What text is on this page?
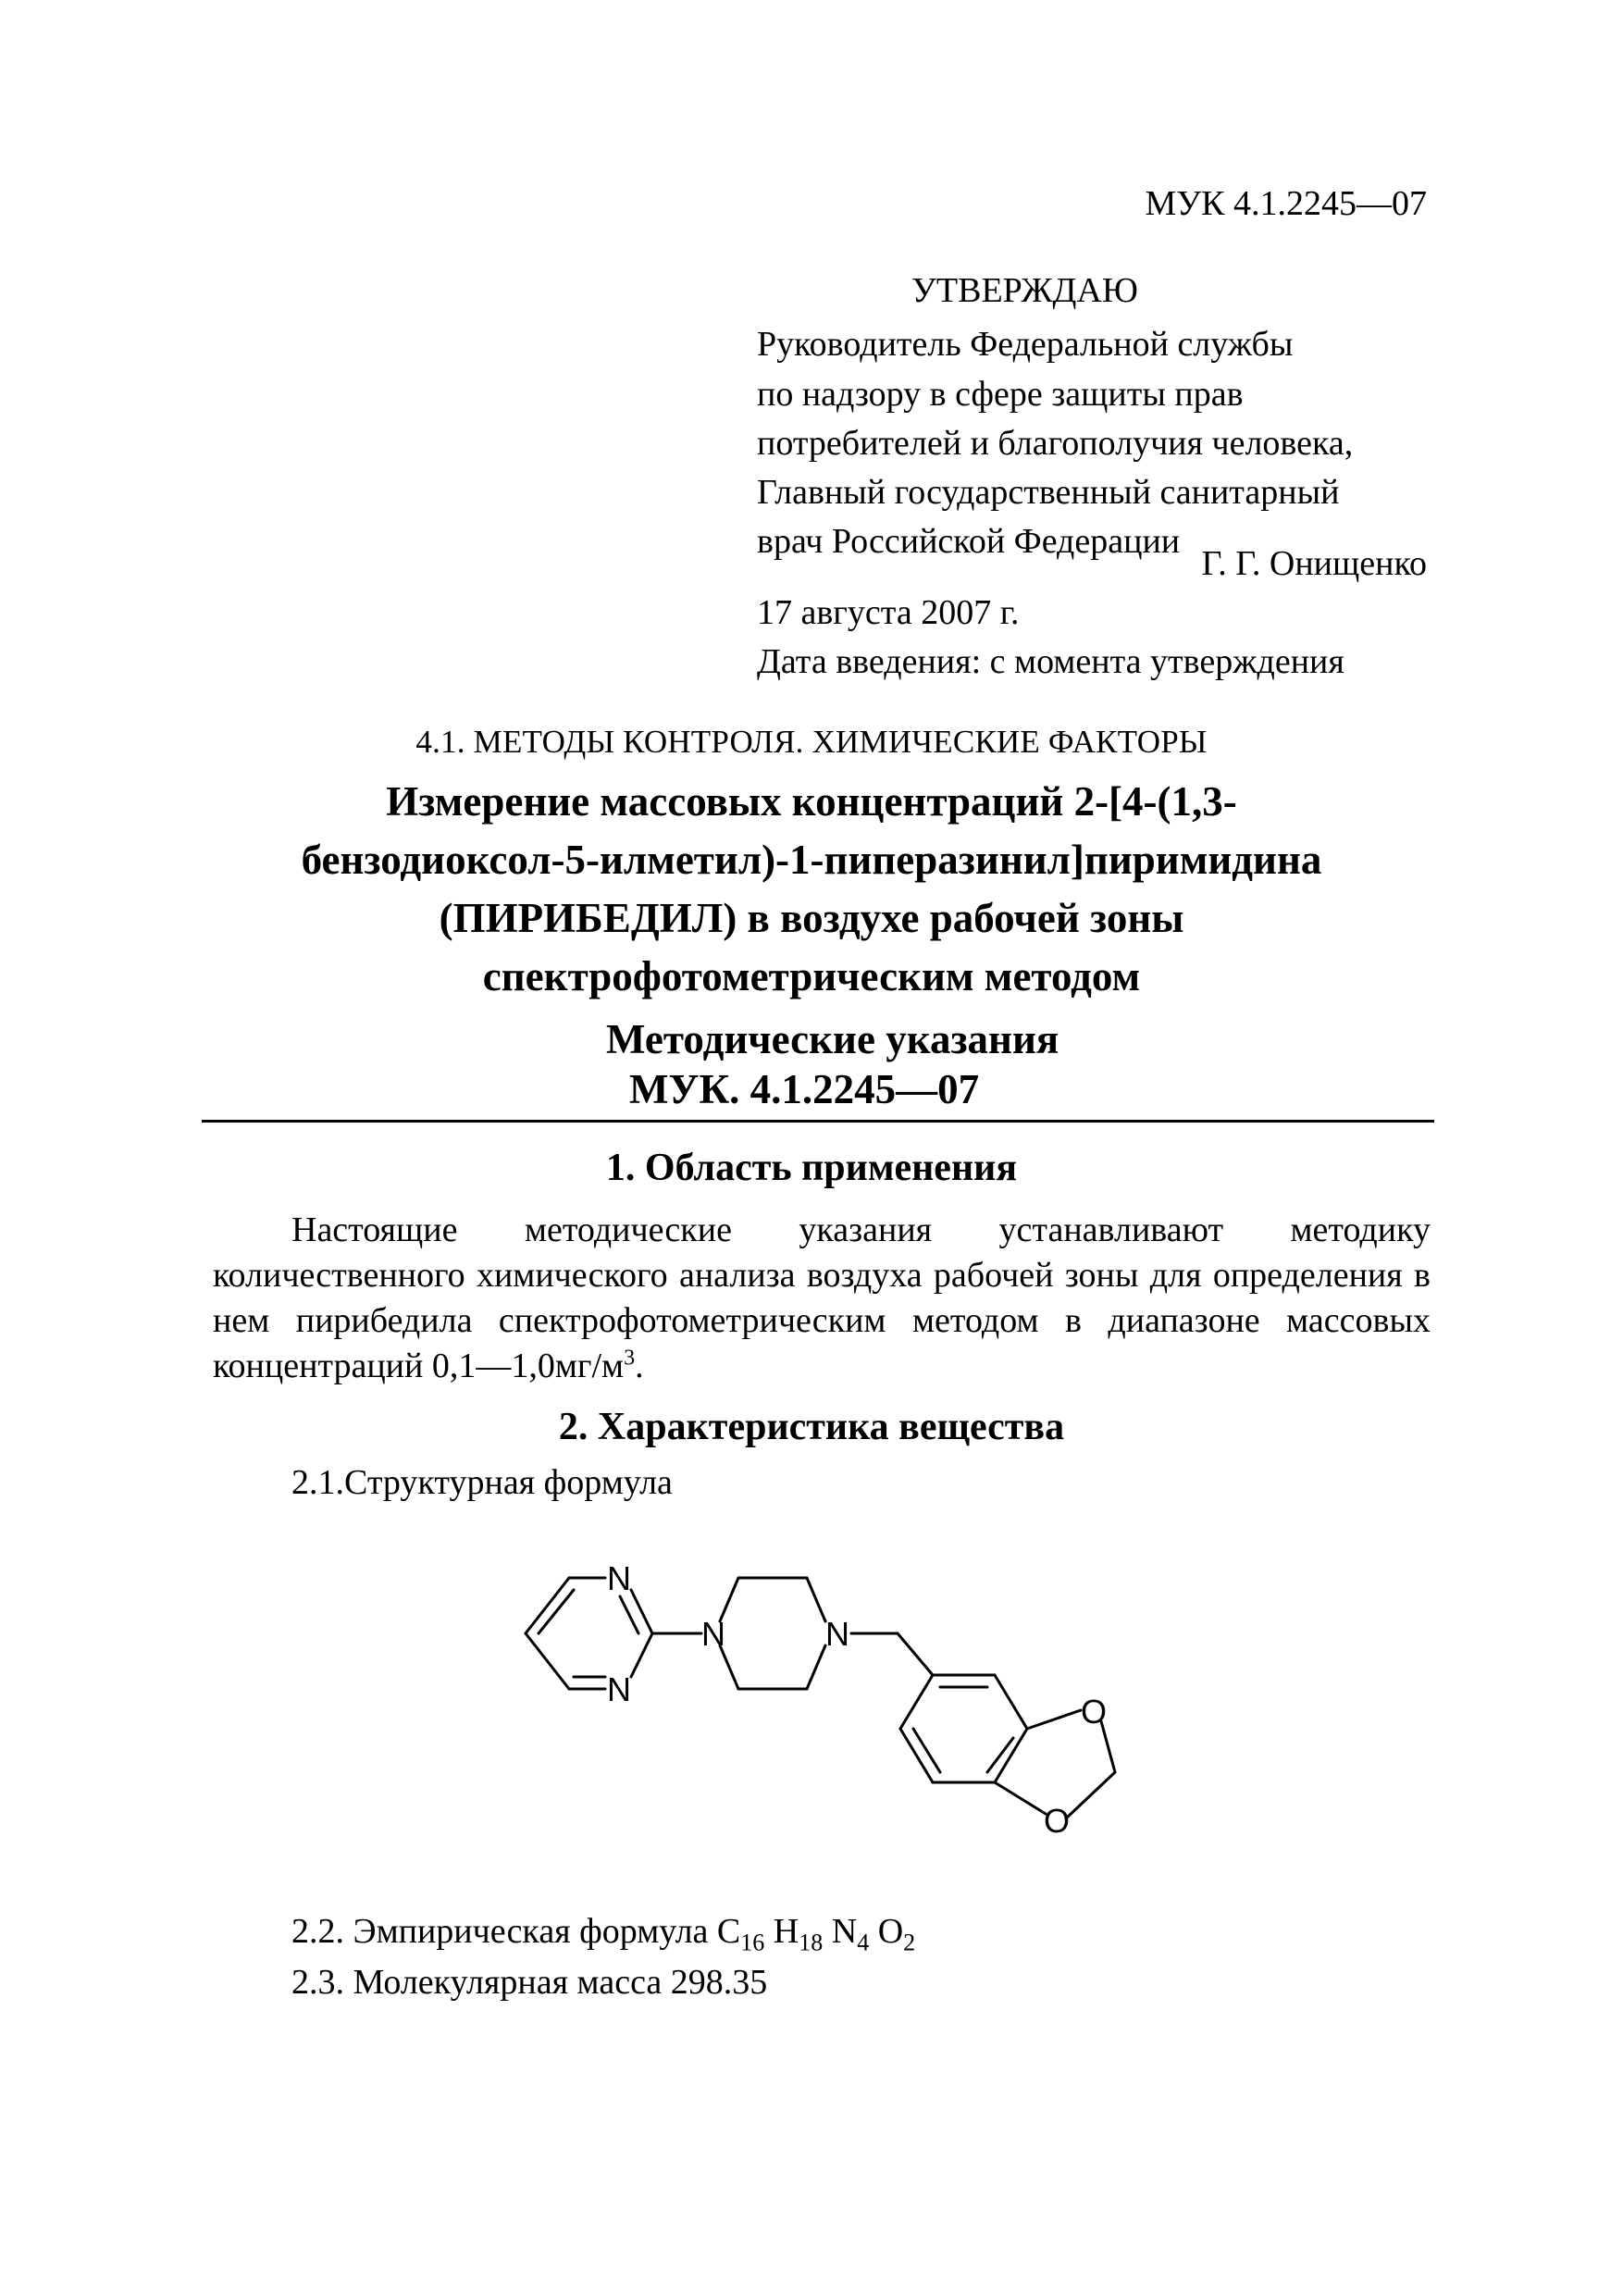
МУК 4.1.2245—07
УТВЕРЖДАЮ
Руководитель Федеральной службы
по надзору в сфере защиты прав
потребителей и благополучия человека,
Главный государственный санитарный
врач Российской Федерации
Г. Г. Онищенко
17 августа 2007 г.
Дата введения: с момента утверждения
4.1. МЕТОДЫ КОНТРОЛЯ. ХИМИЧЕСКИЕ ФАКТОРЫ
Измерение массовых концентраций 2-[4-(1,3-
бензодиоксол-5-илметил)-1-пиперазинил]пиримидина
(ПИРИБЕДИЛ) в воздухе рабочей зоны
спектрофотометрическим методом
Методические указания
МУК. 4.1.2245—07
1. Область применения
Настоящие методические указания устанавливают методику количественного химического анализа воздуха рабочей зоны для определения в нем пирибедила спектрофотометрическим методом в диапазоне массовых концентраций $0,1—1,0мг/м^3$.
2. Характеристика вещества
2.1.Структурная формула
N
N
N	N
O
O
2.2. Эмпирическая формула $C_{16}$ $H_{18}$ $N_4$ $O_2$
2.3. Молекулярная масса 298.35
